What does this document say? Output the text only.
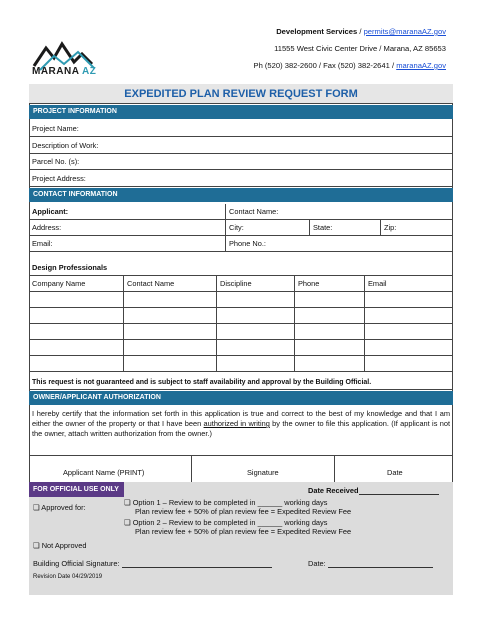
MARANA AZ
Development Services / permits@maranaAZ.gov
11555 West Civic Center Drive / Marana, AZ 85653
Ph (520) 382-2600 / Fax (520) 382-2641 / maranaAZ.gov
EXPEDITED PLAN REVIEW REQUEST FORM
PROJECT INFORMATION
Project Name:
Description of Work:
Parcel No. (s):
Project Address:
CONTACT INFORMATION
Applicant:	Contact Name:
Address:	City:	State:	Zip:
Email:	Phone No.:
Design Professionals
Company Name	Contact Name	Discipline	Phone	Email
This request is not guaranteed and is subject to staff availability and approval by the Building Official.
OWNER/APPLICANT AUTHORIZATION
I hereby certify that the information set forth in this application is true and correct to the best of my knowledge and that I am either the owner of the property or that I have been authorized in writing by the owner to file this application. (If applicant is not the owner, attach written authorization from the owner.)
Applicant Name (PRINT)	Signature	Date
FOR OFFICIAL USE ONLY	Date Received
❏ Approved for:
❏ Option 1 – Review to be completed in ______ working days
Plan review fee + 50% of plan review fee = Expedited Review Fee
❏ Option 2 – Review to be completed in ______ working days
Plan review fee + 50% of plan review fee = Expedited Review Fee
❏ Not Approved
Building Official Signature:	Date:
Revision Date 04/29/2019
